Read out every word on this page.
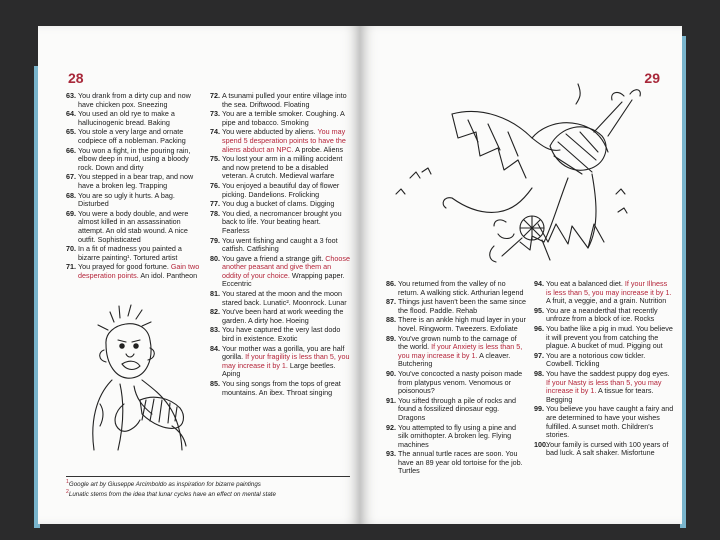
28
63. You drank from a dirty cup and now have chicken pox. Sneezing
64. You used an old rye to make a hallucinogenic bread. Baking
65. You stole a very large and ornate codpiece off a nobleman. Packing
66. You won a fight, in the pouring rain, elbow deep in mud, using a bloody rock. Down and dirty
67. You stepped in a bear trap, and now have a broken leg. Trapping
68. You are so ugly it hurts. A bag. Disturbed
69. You were a body double, and were almost killed in an assassination attempt. An old stab wound. A nice outfit. Sophisticated
70. In a fit of madness you painted a bizarre painting¹. Tortured artist
71. You prayed for good fortune. Gain two desperation points. An idol. Pantheon
72. A tsunami pulled your entire village into the sea. Driftwood. Floating
73. You are a terrible smoker. Coughing. A pipe and tobacco. Smoking
74. You were abducted by aliens. You may spend 5 desperation points to have the aliens abduct an NPC. A probe. Aliens
75. You lost your arm in a milling accident and now pretend to be a disabled veteran. A crutch. Medieval warfare
76. You enjoyed a beautiful day of flower picking. Dandelions. Frolicking
77. You dug a bucket of clams. Digging
78. You died, a necromancer brought you back to life. Your beating heart. Fearless
79. You went fishing and caught a 3 foot catfish. Catfishing
80. You gave a friend a strange gift. Choose another peasant and give them an oddity of your choice. Wrapping paper. Eccentric
81. You stared at the moon and the moon stared back. Lunatic². Moonrock. Lunar
82. You've been hard at work weeding the garden. A dirty hoe. Hoeing
83. You have captured the very last dodo bird in existence. Exotic
84. Your mother was a gorilla, you are half gorilla. If your fragility is less than 5, you may increase it by 1. Large beetles. Aping
85. You sing songs from the tops of great mountains. An ibex. Throat singing
$^1$Google art by Giuseppe Arcimboldo as inspiration for bizarre paintings
$^2$Lunatic stems from the idea that lunar cycles have an effect on mental state
29
86. You returned from the valley of no return. A walking stick. Arthurian legend
87. Things just haven't been the same since the flood. Paddle. Rehab
88. There is an ankle high mud layer in your hovel. Ringworm. Tweezers. Exfoliate
89. You've grown numb to the carnage of the world. If your Anxiety is less than 5, you may increase it by 1. A cleaver. Butchering
90. You've concocted a nasty poison made from platypus venom. Venomous or poisonous?
91. You sifted through a pile of rocks and found a fossilized dinosaur egg. Dragons
92. You attempted to fly using a pine and silk ornithopter. A broken leg. Flying machines
93. The annual turtle races are soon. You have an 89 year old tortoise for the job. Turtles
94. You eat a balanced diet. If your Illness is less than 5, you may increase it by 1. A fruit, a veggie, and a grain. Nutrition
95. You are a neanderthal that recently unfroze from a block of ice. Rocks
96. You bathe like a pig in mud. You believe it will prevent you from catching the plague. A bucket of mud. Pigging out
97. You are a notorious cow tickler. Cowbell. Tickling
98. You have the saddest puppy dog eyes. If your Nasty is less than 5, you may increase it by 1. A tissue for tears. Begging
99. You believe you have caught a fairy and are determined to have your wishes fulfilled. A sunset moth. Children's stories.
100.
Your family is cursed with 100 years of bad luck. A salt shaker. Misfortune
